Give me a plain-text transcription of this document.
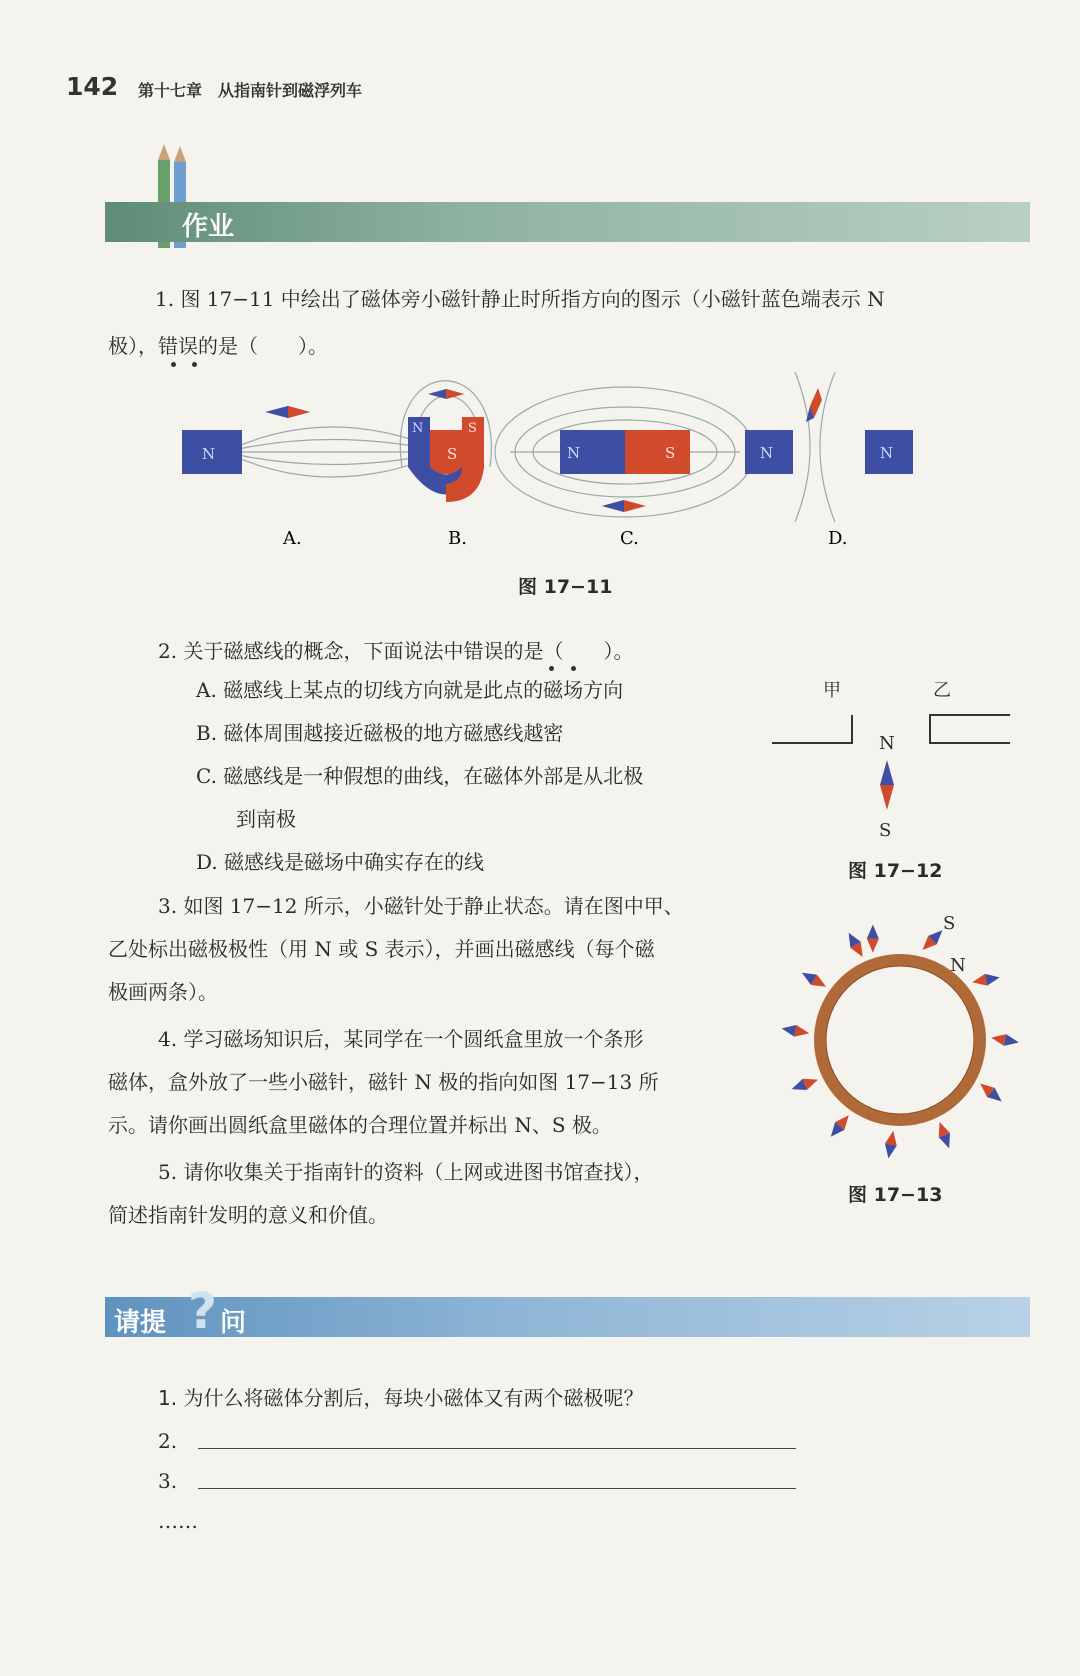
142 第十七章　从指南针到磁浮列车
作业
1. 图 17−11 中绘出了磁体旁小磁针静止时所指方向的图示（小磁针蓝色端表示 N
极），错误的是（　　）。
N	S
N	S
N	S	N	N
A.	B.	C.	D.
图 17−11
2. 关于磁感线的概念，下面说法中错误的是（　　）。
A. 磁感线上某点的切线方向就是此点的磁场方向
B. 磁体周围越接近磁极的地方磁感线越密
C. 磁感线是一种假想的曲线，在磁体外部是从北极
到南极
D. 磁感线是磁场中确实存在的线
甲	乙
N
S
图 17−12
3. 如图 17−12 所示，小磁针处于静止状态。请在图中甲、
乙处标出磁极极性（用 N 或 S 表示），并画出磁感线（每个磁
极画两条）。
4. 学习磁场知识后，某同学在一个圆纸盒里放一个条形
磁体，盒外放了一些小磁针，磁针 N 极的指向如图 17−13 所
示。请你画出圆纸盒里磁体的合理位置并标出 N、S 极。
5. 请你收集关于指南针的资料（上网或进图书馆查找），
简述指南针发明的意义和价值。
S
N
图 17−13
请提 ? 问
1. 为什么将磁体分割后，每块小磁体又有两个磁极呢？
2.
3.
……
